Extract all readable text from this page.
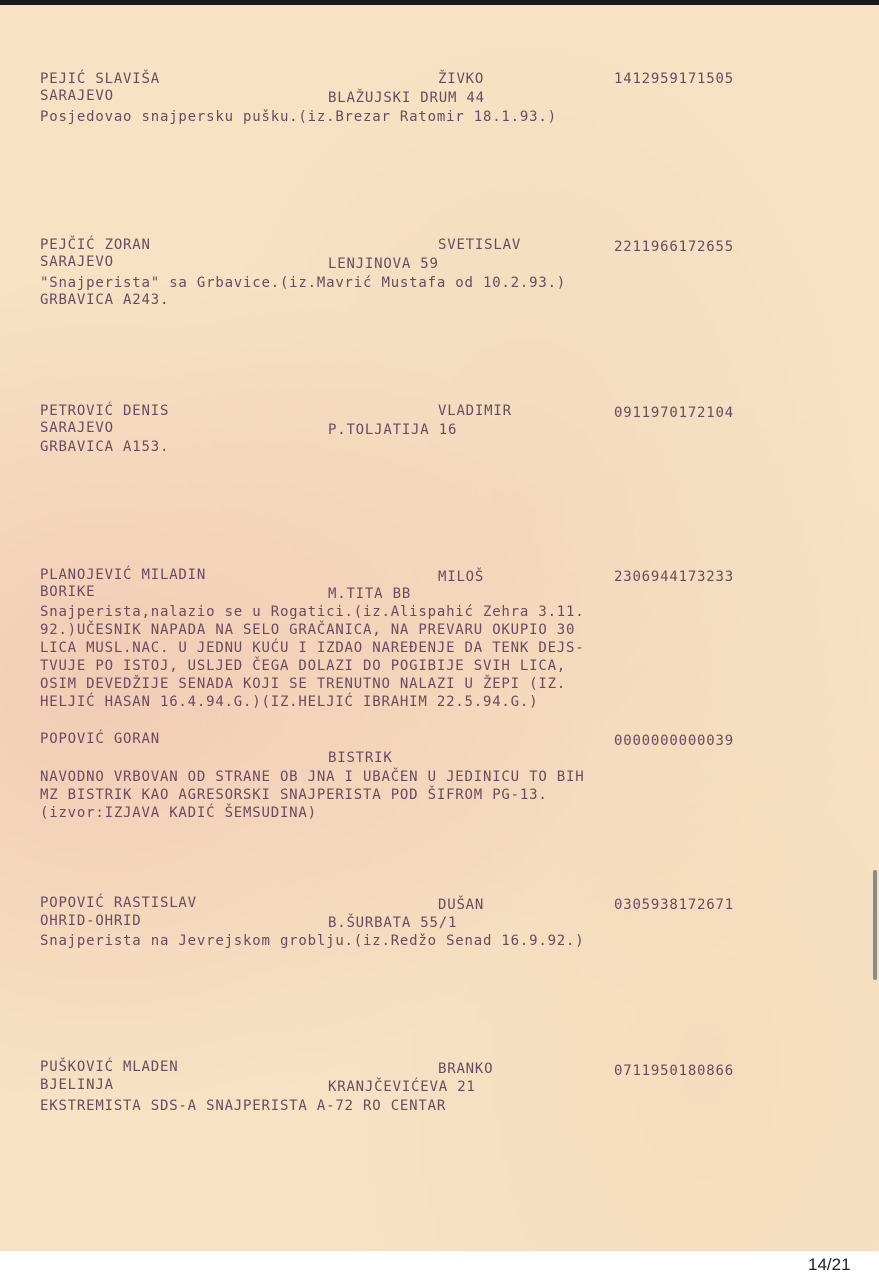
PEJIĆ SLAVIŠA	ŽIVKO	1412959171505
SARAJEVO	BLAŽUJSKI DRUM 44
Posjedovao snajpersku pušku.(iz.Brezar Ratomir 18.1.93.)
PEJČIĆ ZORAN	SVETISLAV	2211966172655
SARAJEVO	LENJINOVA 59
"Snajperista" sa Grbavice.(iz.Mavrić Mustafa od 10.2.93.)
GRBAVICA A243.
PETROVIĆ DENIS	VLADIMIR	0911970172104
SARAJEVO	P.TOLJATIJA 16
GRBAVICA A153.
PLANOJEVIĆ MILADIN	MILOŠ	2306944173233
BORIKE	M.TITA BB
Snajperista,nalazio se u Rogatici.(iz.Alispahić Zehra 3.11.
92.)UČESNIK NAPADA NA SELO GRAČANICA, NA PREVARU OKUPIO 30
LICA MUSL.NAC. U JEDNU KUĆU I IZDAO NAREĐENJE DA TENK DEJS-
TVUJE PO ISTOJ, USLJED ČEGA DOLAZI DO POGIBIJE SVIH LICA,
OSIM DEVEDŽIJE SENADA KOJI SE TRENUTNO NALAZI U ŽEPI (IZ.
HELJIĆ HASAN 16.4.94.G.)(IZ.HELJIĆ IBRAHIM 22.5.94.G.)
POPOVIĆ GORAN	0000000000039
BISTRIK
NAVODNO VRBOVAN OD STRANE OB JNA I UBAČEN U JEDINICU TO BIH
MZ BISTRIK KAO AGRESORSKI SNAJPERISTA POD ŠIFROM PG-13.
(izvor:IZJAVA KADIĆ ŠEMSUDINA)
POPOVIĆ RASTISLAV	DUŠAN	0305938172671
OHRID-OHRID	B.ŠURBATA 55/1
Snajperista na Jevrejskom groblju.(iz.Redžo Senad 16.9.92.)
PUŠKOVIĆ MLADEN	BRANKO	0711950180866
BJELINJA	KRANJČEVIĆEVA 21
EKSTREMISTA SDS-A SNAJPERISTA A-72 RO CENTAR
14/21
